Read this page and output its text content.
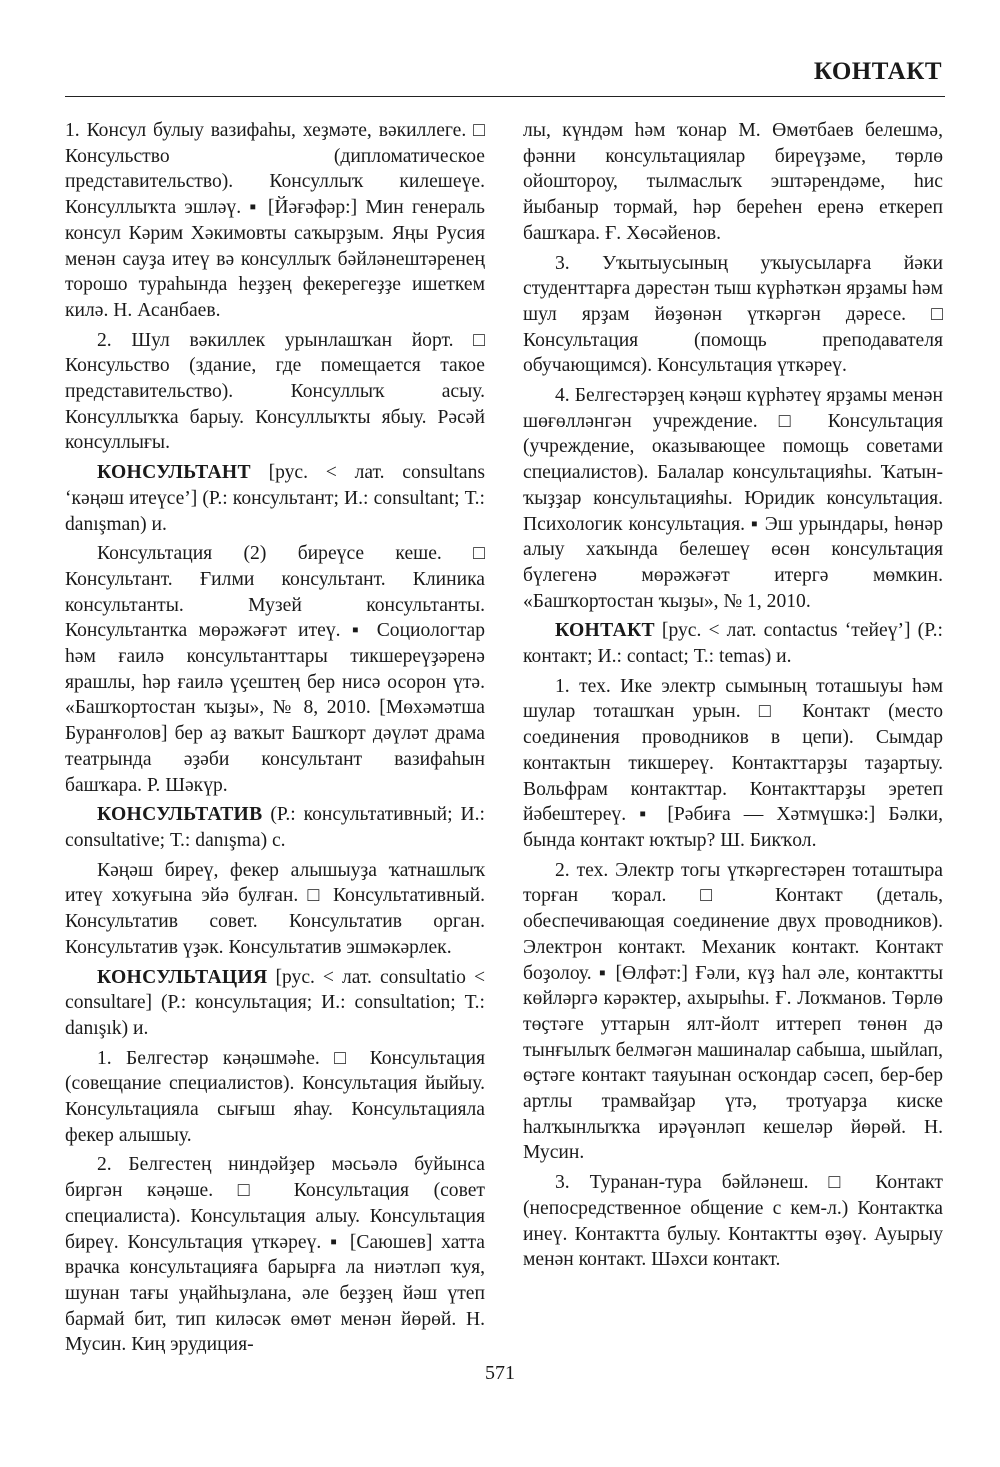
КОНТАКТ

1. Консул булыу вазифаһы, хеҙмәте, вәкиллеге. □ Консульство (дипломатическое представительство). Консуллыҡ килешеүе. Консуллыҡта эшләү. ▪ [Йәғәфәр:] Мин генераль консул Кәрим Хәкимовты саҡырҙым. Яңы Русия менән сауҙа итеү вә консуллыҡ бәйләнештәренең торошо тураһында һеҙҙең фекерегеҙҙе ишеткем килә. Н. Асанбаев.

2. Шул вәкиллек урынлашҡан йорт. □ Консульство (здание, где помещается такое представительство). Консуллыҡ асыу. Консуллыҡҡа барыу. Консуллыҡты ябыу. Рәсәй консуллығы.

КОНСУЛЬТАНТ [рус. < лат. consultans ‘кәңәш итеүсе’] (Р.: консультант; И.: consultant; Т.: danışman) и.

Консультация (2) биреүсе кеше. □ Консультант. Ғилми консультант. Клиника консультанты. Музей консультанты. Консультантка мөрәжәғәт итеү. ▪ Социологтар һәм ғаилә консультанттары тикшереүҙәренә ярашлы, һәр ғаилә үҫештең бер нисә осорон үтә. «Башҡортостан ҡыҙы», № 8, 2010. [Мөхәмәтша Буранғолов] бер аҙ ваҡыт Башҡорт дәүләт драма театрында әҙәби консультант вазифаһын башҡара. Р. Шәкүр.

КОНСУЛЬТАТИВ (Р.: консультативный; И.: consultative; Т.: danışma) с.

Кәңәш биреү, фекер алышыуҙа ҡатнашлыҡ итеү хоҡуғына эйә булған. □ Консультативный. Консультатив совет. Консультатив орган. Консультатив үҙәк. Консультатив эшмәкәрлек.

КОНСУЛЬТАЦИЯ [рус. < лат. consultatio < consultare] (Р.: консультация; И.: consultation; Т.: danışık) и.

1. Белгестәр кәңәшмәһе. □ Консультация (совещание специалистов). Консультация йыйыу. Консультацияла сығыш яһау. Консультацияла фекер алышыу.

2. Белгестең ниндәйҙер мәсьәлә буйынса биргән кәңәше. □ Консультация (совет специалиста). Консультация алыу. Консультация биреү. Консультация үткәреү. ▪ [Саюшев] хатта врачка консультацияға барырға ла ниәтләп ҡуя, шунан тағы уңайһыҙлана, әле беҙҙең йәш үтеп бармай бит, тип киләсәк өмөт менән йөрөй. Н. Мусин. Киң эрудиция-

лы, күндәм һәм ҡонар М. Өмөтбаев белешмә, фәнни консультациялар биреүҙәме, төрлө ойоштороу, тылмаслыҡ эштәрендәме, һис йыбаныр тормай, һәр береһен еренә еткереп башҡара. Ғ. Хөсәйенов.

3. Уҡытыусының уҡыусыларға йәки студенттарға дәрестән тыш күрһәткән ярҙамы һәм шул ярҙам йөҙөнән үткәргән дәресе. □ Консультация (помощь преподавателя обучающимся). Консультация үткәреү.

4. Белгестәрҙең кәңәш күрһәтеү ярҙамы менән шөғөлләнгән учреждение. □ Консультация (учреждение, оказывающее помощь советами специалистов). Балалар консультацияһы. Ҡатын-ҡыҙҙар консультацияһы. Юридик консультация. Психологик консультация. ▪ Эш урындары, һөнәр алыу хаҡында белешеү өсөн консультация бүлегенә мөрәжәғәт итергә мөмкин. «Башҡортостан ҡыҙы», № 1, 2010.

КОНТАКТ [рус. < лат. contactus ‘тейеү’] (Р.: контакт; И.: contact; Т.: temas) и.

1. тех. Ике электр сымының тоташыуы һәм шулар тоташҡан урын. □ Контакт (место соединения проводников в цепи). Сымдар контактын тикшереү. Контакттарҙы таҙартыу. Вольфрам контакттар. Контакттарҙы эретеп йәбештереү. ▪ [Рәбиға — Хәтмүшкә:] Бәлки, бында контакт юҡтыр? Ш. Бикҡол.

2. тех. Электр тогы үткәргестәрен тоташтыра торған ҡорал. □ Контакт (деталь, обеспечивающая соединение двух проводников). Электрон контакт. Механик контакт. Контакт боҙолоу. ▪ [Өлфәт:] Ғәли, күҙ һал әле, контактты көйләргә кәрәктер, ахырыһы. Ғ. Лоҡманов. Төрлө төҫтәге уттарын ялт-йолт иттереп төнөн дә тынғылыҡ белмәгән машиналар сабыша, шыйлап, өҫтәге контакт таяуынан осҡондар сәсеп, бер-бер артлы трамвайҙар үтә, тротуарҙа киске һалҡынлыҡҡа ирәүәнләп кешеләр йөрөй. Н. Мусин.

3. Туранан-тура бәйләнеш. □ Контакт (непосредственное общение с кем-л.) Контактка инеү. Контактта булыу. Контактты өҙөү. Ауырыу менән контакт. Шәхси контакт.

571
